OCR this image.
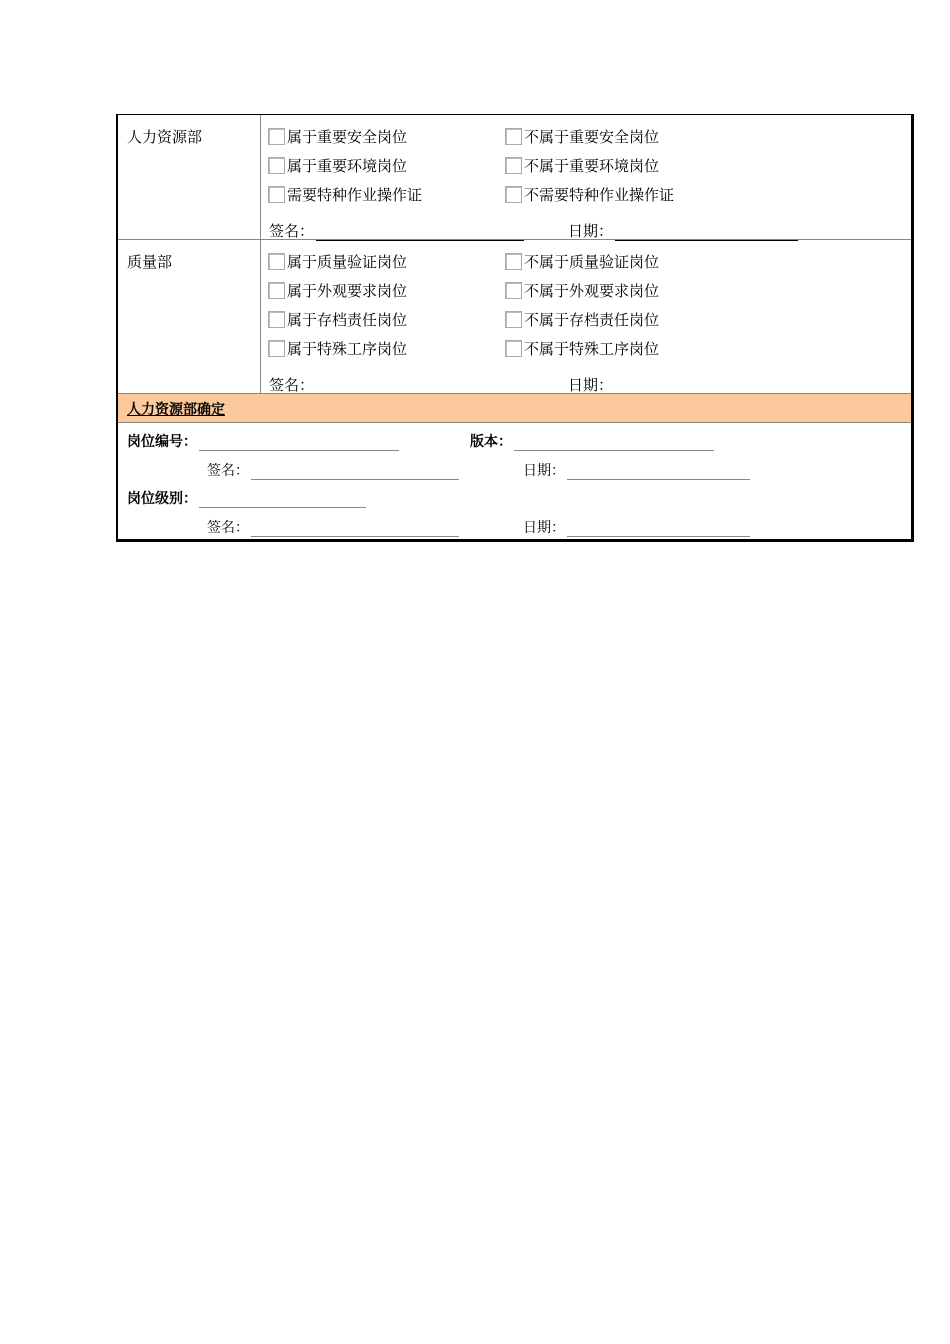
人力资源部	属于重要安全岗位	不属于重要安全岗位
属于重要环境岗位	不属于重要环境岗位
需要特种作业操作证	不需要特种作业操作证
签名：	日期：
质量部	属于质量验证岗位	不属于质量验证岗位
属于外观要求岗位	不属于外观要求岗位
属于存档责任岗位	不属于存档责任岗位
属于特殊工序岗位	不属于特殊工序岗位
签名：	日期：
人力资源部确定
岗位编号：	版本：
签名：	日期：
岗位级别：
签名：	日期：
